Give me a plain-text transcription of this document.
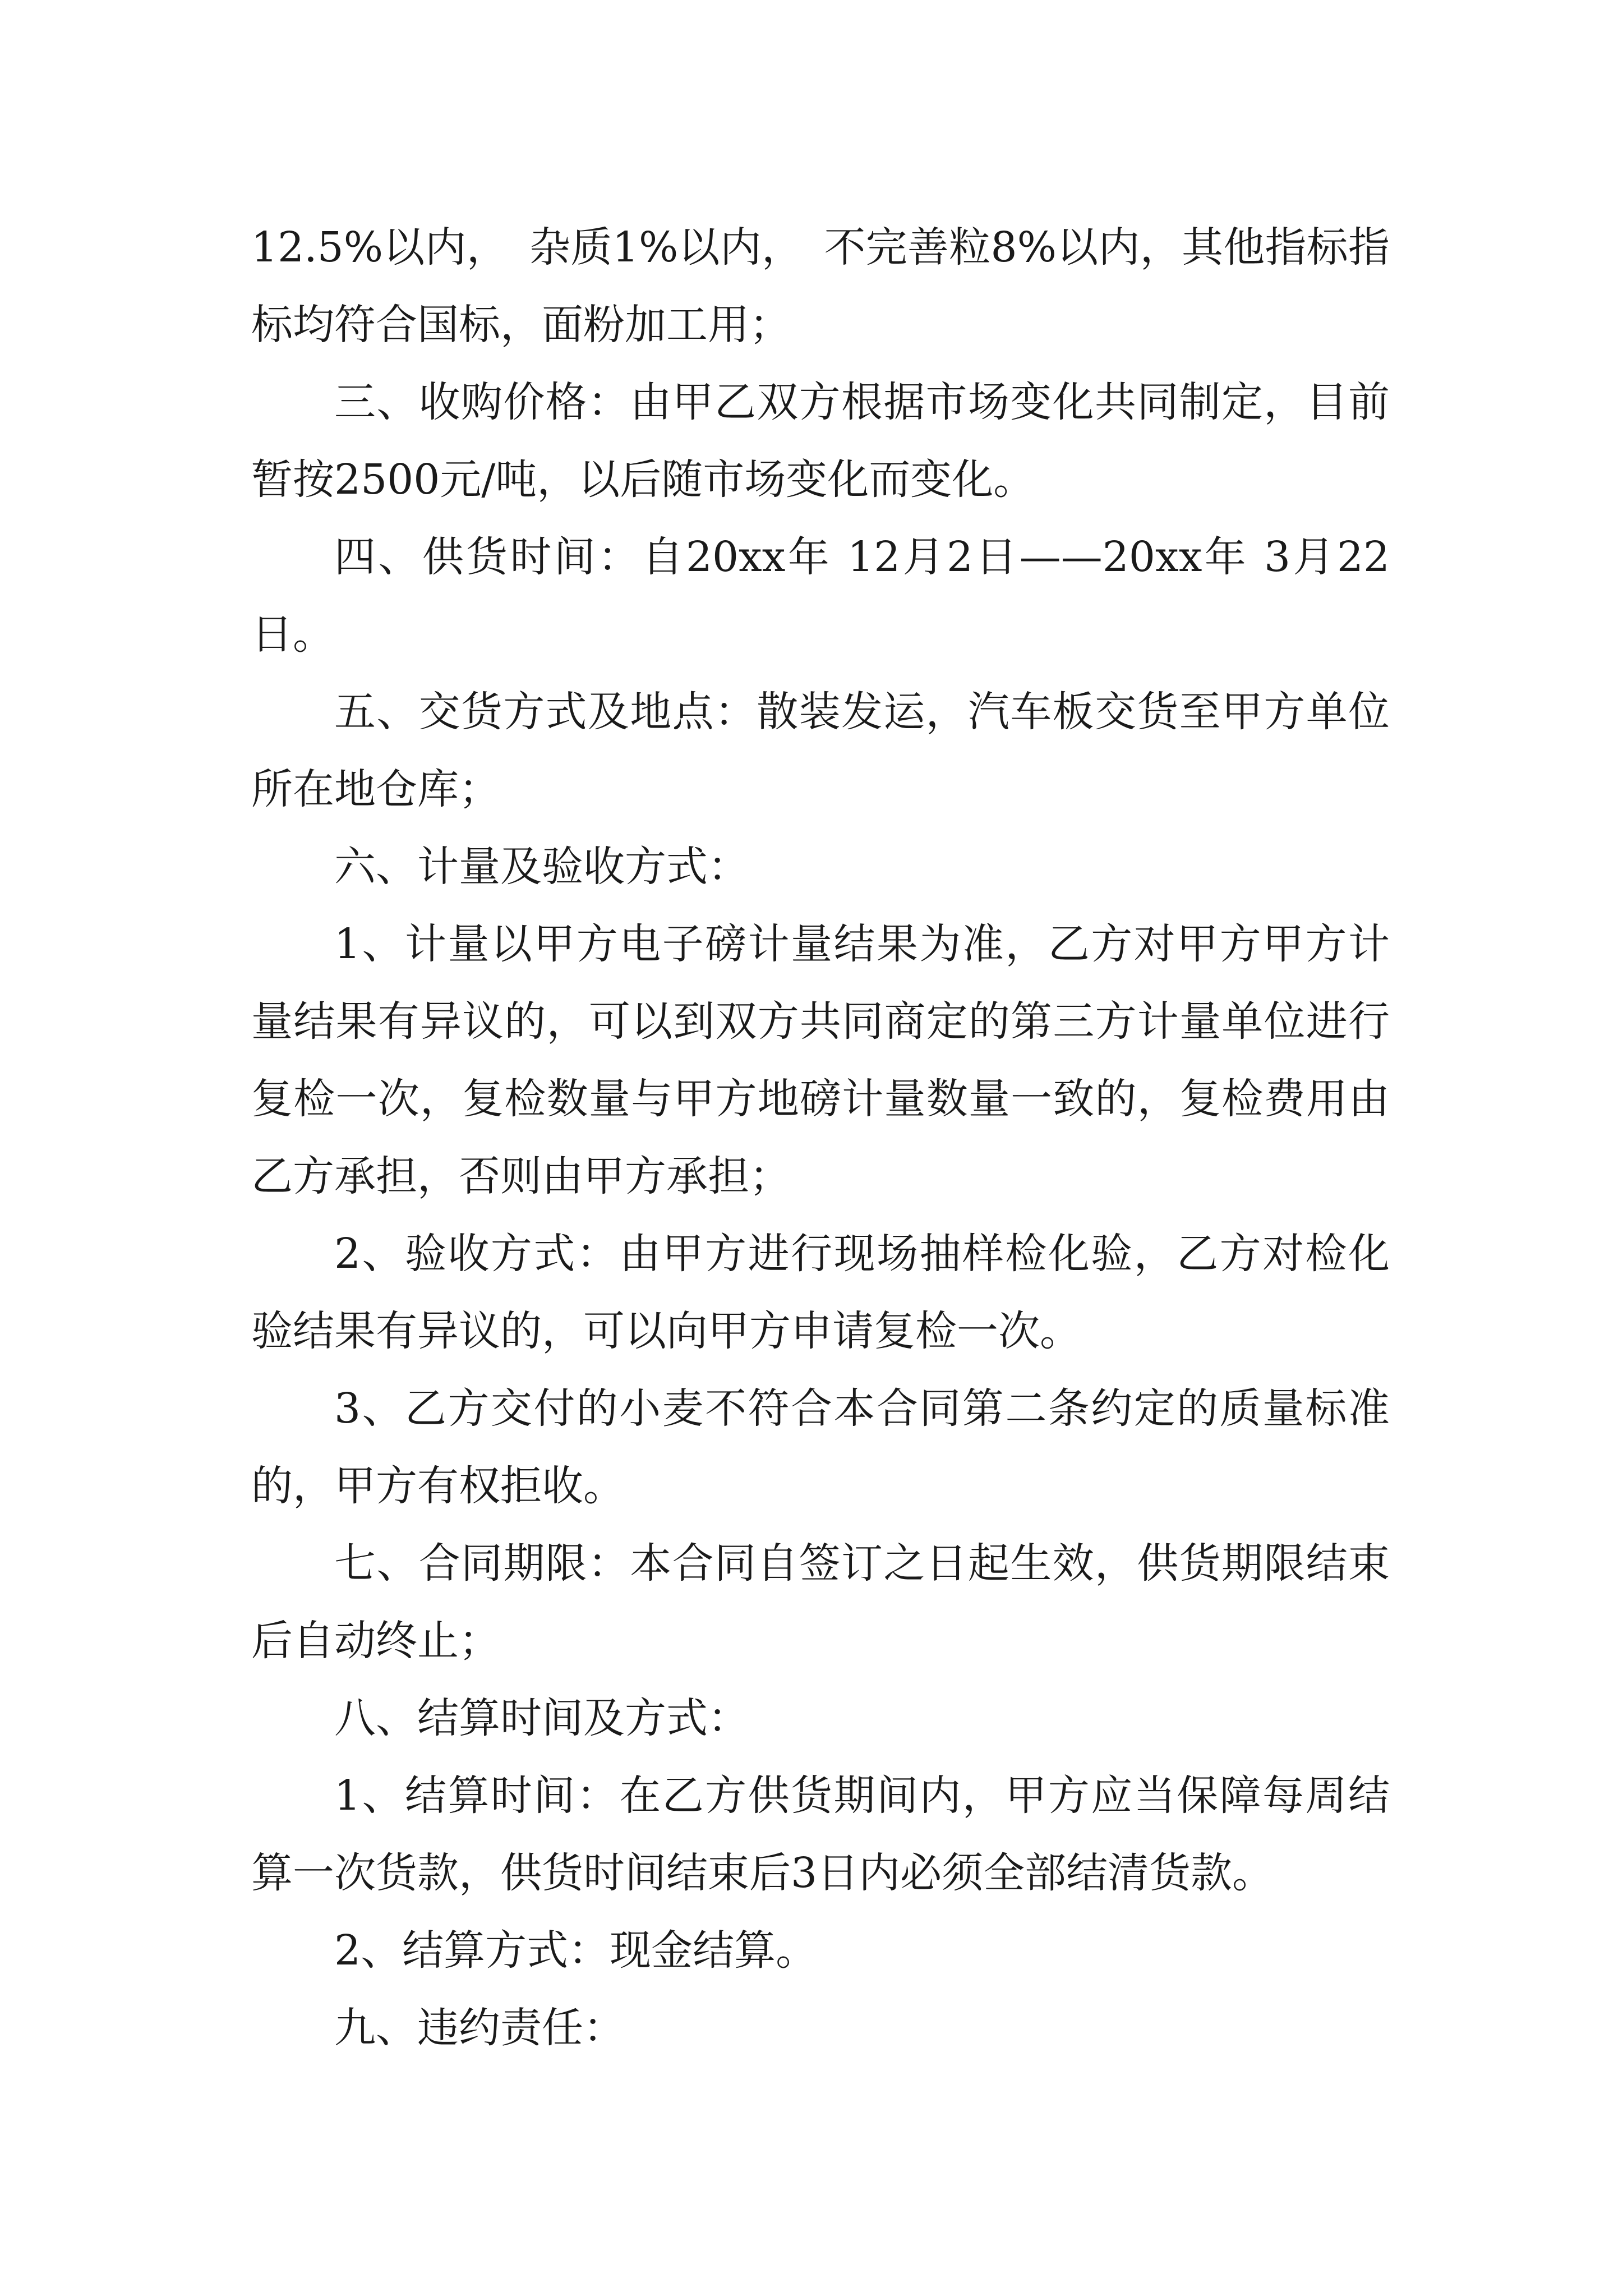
12.5%以内，　杂质1%以内，　不完善粒8%以内，其他指标指标均符合国标，面粉加工用；

三、收购价格：由甲乙双方根据市场变化共同制定，目前暂按2500元/吨，以后随市场变化而变化。

四、供货时间：自20xx年 12月2日——20xx年 3月22日。

五、交货方式及地点：散装发运，汽车板交货至甲方单位所在地仓库；

六、计量及验收方式：

1、计量以甲方电子磅计量结果为准，乙方对甲方甲方计量结果有异议的，可以到双方共同商定的第三方计量单位进行复检一次，复检数量与甲方地磅计量数量一致的，复检费用由乙方承担，否则由甲方承担；

2、验收方式：由甲方进行现场抽样检化验，乙方对检化验结果有异议的，可以向甲方申请复检一次。

3、乙方交付的小麦不符合本合同第二条约定的质量标准的，甲方有权拒收。

七、合同期限：本合同自签订之日起生效，供货期限结束后自动终止；

八、结算时间及方式：

1、结算时间：在乙方供货期间内，甲方应当保障每周结算一次货款，供货时间结束后3日内必须全部结清货款。

2、结算方式：现金结算。

九、违约责任：
